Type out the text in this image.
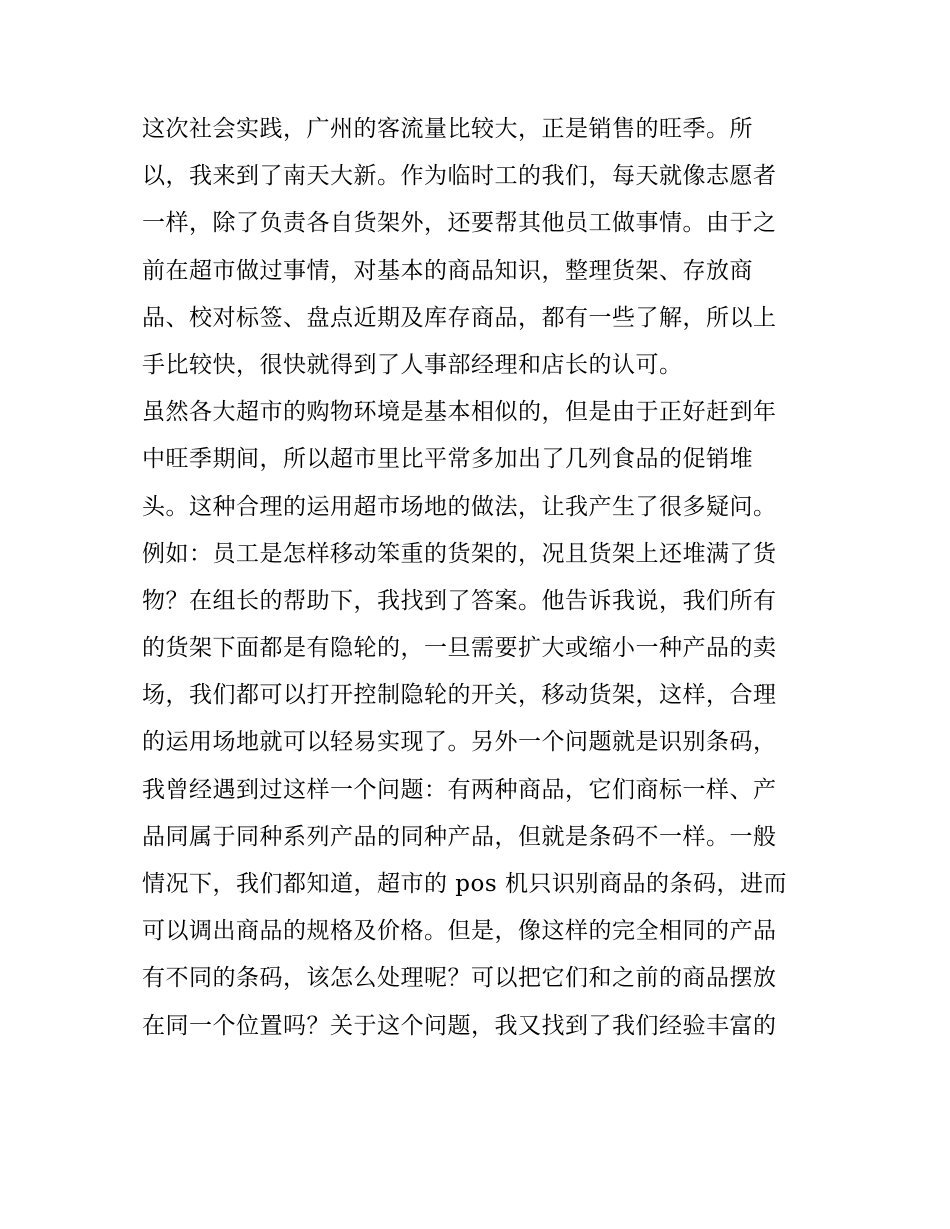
这次社会实践，广州的客流量比较大，正是销售的旺季。所
以，我来到了南天大新。作为临时工的我们，每天就像志愿者
一样，除了负责各自货架外，还要帮其他员工做事情。由于之
前在超市做过事情，对基本的商品知识，整理货架、存放商
品、校对标签、盘点近期及库存商品，都有一些了解，所以上
手比较快，很快就得到了人事部经理和店长的认可。
虽然各大超市的购物环境是基本相似的，但是由于正好赶到年
中旺季期间，所以超市里比平常多加出了几列食品的促销堆
头。这种合理的运用超市场地的做法，让我产生了很多疑问。
例如：员工是怎样移动笨重的货架的，况且货架上还堆满了货
物？在组长的帮助下，我找到了答案。他告诉我说，我们所有
的货架下面都是有隐轮的，一旦需要扩大或缩小一种产品的卖
场，我们都可以打开控制隐轮的开关，移动货架，这样，合理
的运用场地就可以轻易实现了。另外一个问题就是识别条码，
我曾经遇到过这样一个问题：有两种商品，它们商标一样、产
品同属于同种系列产品的同种产品，但就是条码不一样。一般
情况下，我们都知道，超市的 pos 机只识别商品的条码，进而
可以调出商品的规格及价格。但是，像这样的完全相同的产品
有不同的条码，该怎么处理呢？可以把它们和之前的商品摆放
在同一个位置吗？关于这个问题，我又找到了我们经验丰富的
